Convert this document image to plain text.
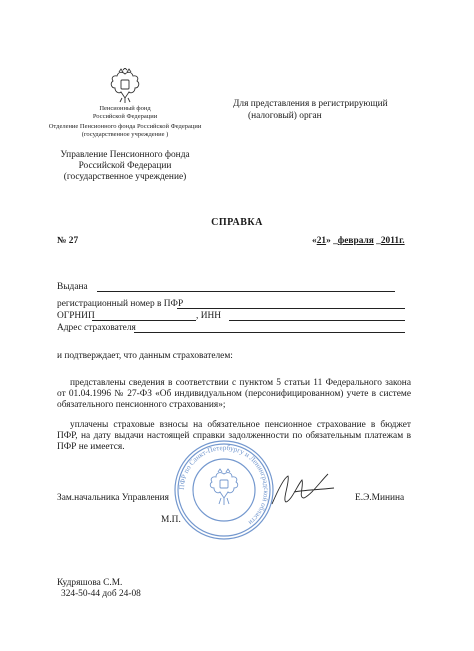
Пенсионный фонд
Российской Федерации
Отделение Пенсионного фонда Российской Федерации
(государственное учреждение )
Для представления в регистрирующий
(налоговый) орган
Управление Пенсионного фонда
Российской Федерации
(государственное учреждение)
СПРАВКА
№ 27	«21» _февраля _2011г.
Выдана
регистрационный номер в ПФР
ОГРНИП	, ИНН
Адрес страхователя
и подтверждает, что данным страхователем:
представлены сведения в соответствии с пунктом 5 статьи 11 Федерального закона от 01.04.1996 № 27-ФЗ «Об индивидуальном (персонифицированном) учете в системе обязательного пенсионного страхования»;
уплачены страховые взносы на обязательное пенсионное страхование в бюджет ПФР, на дату выдачи настоящей справки задолженности по обязательным платежам в ПФР не имеется.
ПФР по Санкт-Петербургу и Ленинградской области
Зам.начальника Управления	Е.Э.Минина
М.П.
Кудряшова С.М.
324-50-44 доб 24-08
